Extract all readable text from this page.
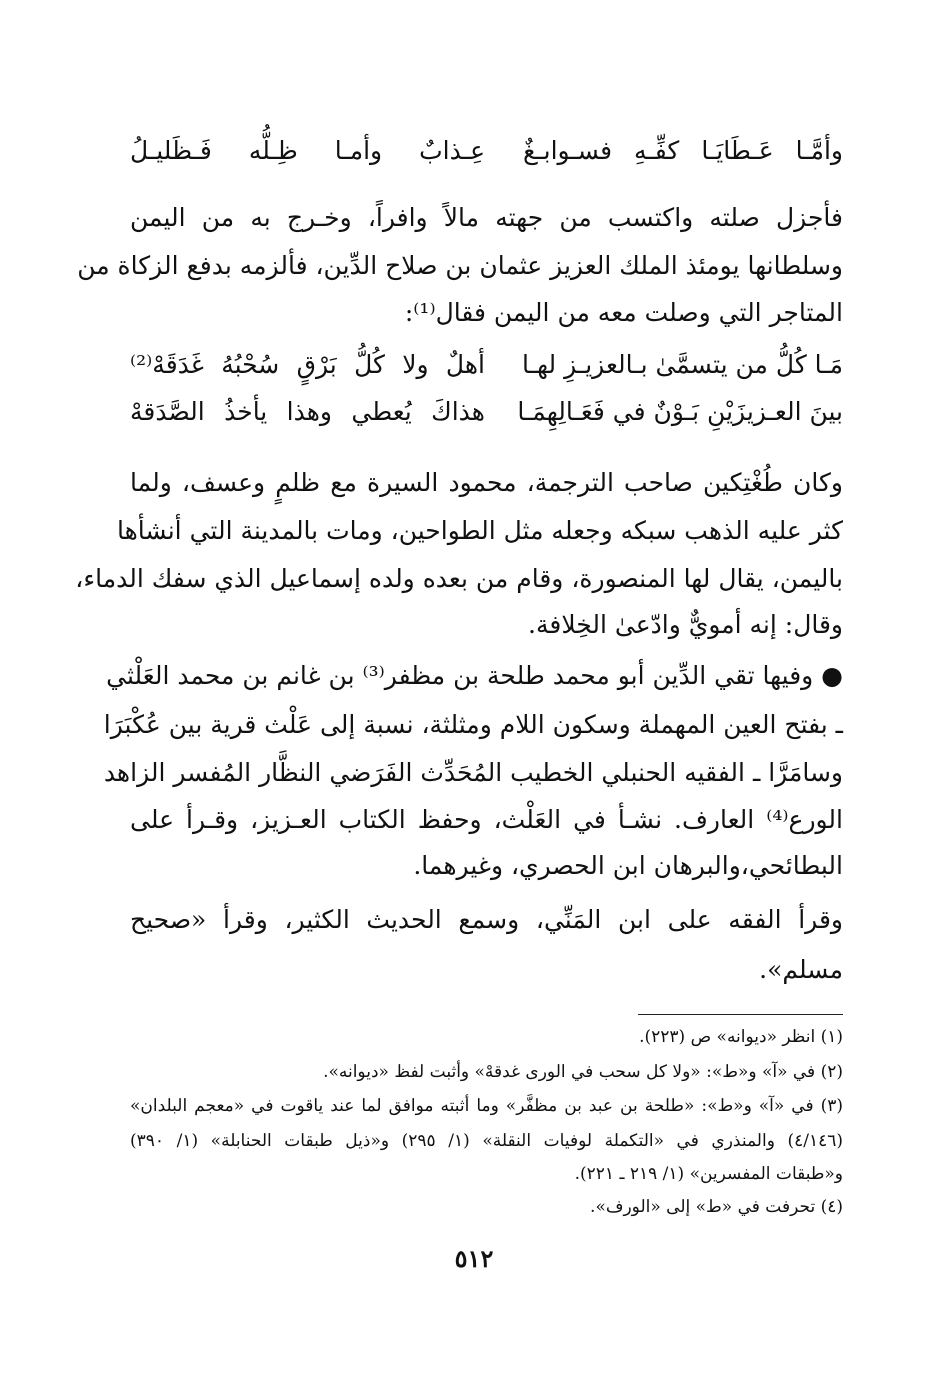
وأمَّـا عَـطَايَـا كفِّـهِ فسـوابـغٌ
عِـذابٌ وأمـا ظِـلُّه فَـظَليـلُ
فأجزل صلته واكتسب من جهته مالاً وافراً، وخـرج به من اليمن
وسلطانها يومئذ الملك العزيز عثمان بن صلاح الدِّين، فألزمه بدفع الزكاة من
المتاجر التي وصلت معه من اليمن فقال⁽¹⁾:
مَـا كُلُّ من يتسمَّىٰ بـالعزيـزِ لهـا
أهلٌ ولا كُلُّ بَرْقٍ سُحْبُهُ غَدَقَهْ⁽²⁾
بينَ العـزيزَيْنِ بَـوْنٌ في فَعَـالِهِمَـا
هذاكَ يُعطي وهذا يأخذُ الصَّدَقهْ
وكان طُغْتِكين صاحب الترجمة، محمود السيرة مع ظلمٍ وعسف، ولما
كثر عليه الذهب سبكه وجعله مثل الطواحين، ومات بالمدينة التي أنشأها
باليمن، يقال لها المنصورة، وقام من بعده ولده إسماعيل الذي سفك الدماء،
وقال: إنه أمويٌّ وادّعىٰ الخِلافة.
● وفيها تقي الدِّين أبو محمد طلحة بن مظفر⁽³⁾ بن غانم بن محمد العَلْثي
ـ بفتح العين المهملة وسكون اللام ومثلثة، نسبة إلى عَلْث قرية بين عُكْبَرَا
وسامَرَّا ـ الفقيه الحنبلي الخطيب المُحَدِّث الفَرَضي النظَّار المُفسر الزاهد
الورع⁽⁴⁾ العارف. نشـأ في العَلْث، وحفظ الكتاب العـزيز، وقـرأ على
البطائحي،والبرهان ابن الحصري، وغيرهما.
وقرأ الفقه على ابن المَنِّي، وسمع الحديث الكثير، وقرأ «صحيح
مسلم».
(١) انظر «ديوانه» ص (٢٢٣).
(٢) في «آ» و«ط»: «ولا كل سحب في الورى غدقهْ» وأثبت لفظ «ديوانه».
(٣) في «آ» و«ط»: «طلحة بن عبد بن مظفَّر» وما أثبته موافق لما عند ياقوت في «معجم البلدان»
(٤/١٤٦) والمنذري في «التكملة لوفيات النقلة» (١/ ٢٩٥) و«ذيل طبقات الحنابلة» (١/ ٣٩٠)
و«طبقات المفسرين» (١/ ٢١٩ ـ ٢٢١).
(٤) تحرفت في «ط» إلى «الورف».
٥١٢
